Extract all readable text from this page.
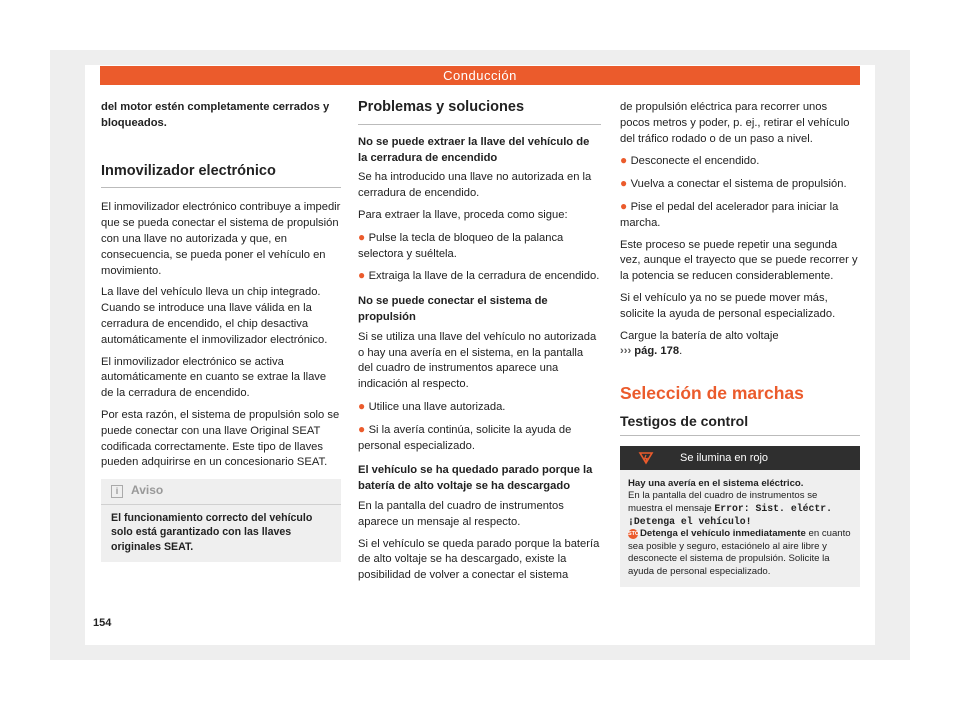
Conducción

del motor estén completamente cerrados y bloqueados.

Inmovilizador electrónico

El inmovilizador electrónico contribuye a impedir que se pueda conectar el sistema de propulsión con una llave no autorizada y que, en consecuencia, se pueda poner el vehículo en movimiento.

La llave del vehículo lleva un chip integrado. Cuando se introduce una llave válida en la cerradura de encendido, el chip desactiva automáticamente el inmovilizador electrónico.

El inmovilizador electrónico se activa automáticamente en cuanto se extrae la llave de la cerradura de encendido.

Por esta razón, el sistema de propulsión solo se puede conectar con una llave Original SEAT codificada correctamente. Este tipo de llaves pueden adquirirse en un concesionario SEAT.

i Aviso
El funcionamiento correcto del vehículo solo está garantizado con las llaves originales SEAT.
Problemas y soluciones
No se puede extraer la llave del vehículo de la cerradura de encendido

Se ha introducido una llave no autorizada en la cerradura de encendido.

Para extraer la llave, proceda como sigue:

● Pulse la tecla de bloqueo de la palanca selectora y suéltela.

● Extraiga la llave de la cerradura de encendido.

No se puede conectar el sistema de propulsión

Si se utiliza una llave del vehículo no autorizada o hay una avería en el sistema, en la pantalla del cuadro de instrumentos aparece una indicación al respecto.

● Utilice una llave autorizada.

● Si la avería continúa, solicite la ayuda de personal especializado.

El vehículo se ha quedado parado porque la batería de alto voltaje se ha descargado

En la pantalla del cuadro de instrumentos aparece un mensaje al respecto.

Si el vehículo se queda parado porque la batería de alto voltaje se ha descargado, existe la posibilidad de volver a conectar el sistema

de propulsión eléctrica para recorrer unos pocos metros y poder, p. ej., retirar el vehículo del tráfico rodado o de un paso a nivel.

● Desconecte el encendido.

● Vuelva a conectar el sistema de propulsión.

● Pise el pedal del acelerador para iniciar la marcha.

Este proceso se puede repetir una segunda vez, aunque el trayecto que se puede recorrer y la potencia se reducen considerablemente.

Si el vehículo ya no se puede mover más, solicite la ayuda de personal especializado.

Cargue la batería de alto voltaje
››› pág. 178.

Selección de marchas
Testigos de control
Se ilumina en rojo
Hay una avería en el sistema eléctrico.
En la pantalla del cuadro de instrumentos se muestra el mensaje Error: Sist. eléctr. ¡Detenga el vehículo!
STOPDetenga el vehículo inmediatamente en cuanto sea posible y seguro, estaciónelo al aire libre y desconecte el sistema de propulsión. Solicite la ayuda de personal especializado.
154
